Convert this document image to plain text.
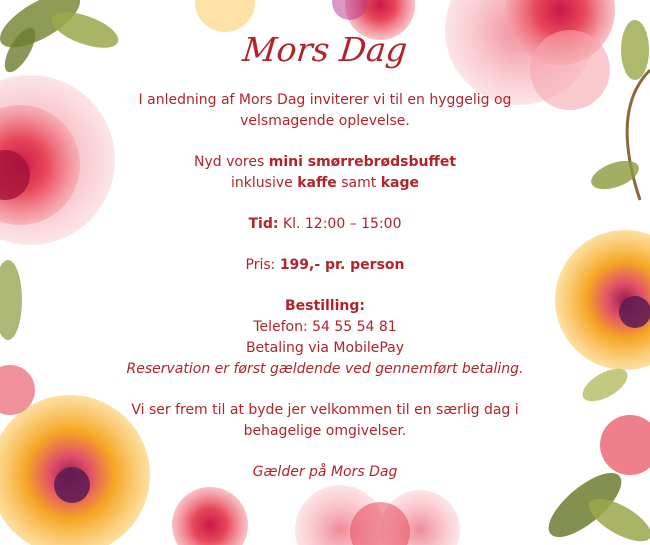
Mors Dag
I anledning af Mors Dag inviterer vi til en hyggelig og velsmagende oplevelse.
Nyd vores mini smørrebrødsbuffet
inklusive kaffe samt kage
Tid: Kl. 12:00 – 15:00
Pris: 199,- pr. person
Bestilling:
Telefon: 54 55 54 81
Betaling via MobilePay
Reservation er først gældende ved gennemført betaling.
Vi ser frem til at byde jer velkommen til en særlig dag i behagelige omgivelser.
Gælder på Mors Dag
